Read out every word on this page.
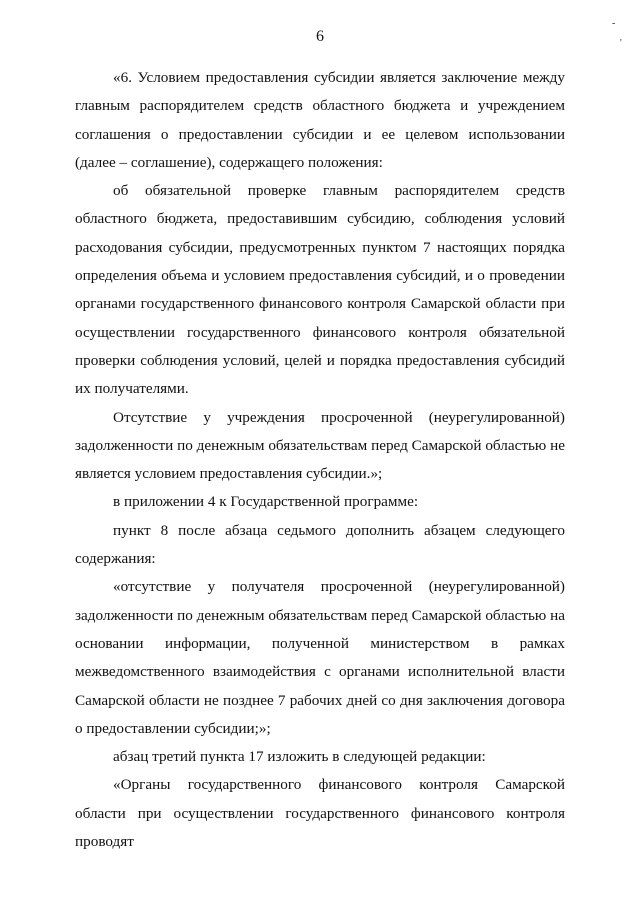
-
'
6

«6. Условием предоставления субсидии является заключение между главным распорядителем средств областного бюджета и учреждением соглашения о предоставлении субсидии и ее целевом использовании (далее – соглашение), содержащего положения:

об обязательной проверке главным распорядителем средств областного бюджета, предоставившим субсидию, соблюдения условий расходования субсидии, предусмотренных пунктом 7 настоящих порядка определения объема и условием предоставления субсидий, и о проведении органами государственного финансового контроля Самарской области при осуществлении государственного финансового контроля обязательной проверки соблюдения условий, целей и порядка предоставления субсидий их получателями.

Отсутствие у учреждения просроченной (неурегулированной) задолженности по денежным обязательствам перед Самарской областью не является условием предоставления субсидии.»;

в приложении 4 к Государственной программе:

пункт 8 после абзаца седьмого дополнить абзацем следующего содержания:

«отсутствие у получателя просроченной (неурегулированной) задолженности по денежным обязательствам перед Самарской областью на основании информации, полученной министерством в рамках межведомственного взаимодействия с органами исполнительной власти Самарской области не позднее 7 рабочих дней со дня заключения договора о предоставлении субсидии;»;

абзац третий пункта 17 изложить в следующей редакции:

«Органы государственного финансового контроля Самарской области при осуществлении государственного финансового контроля проводят
